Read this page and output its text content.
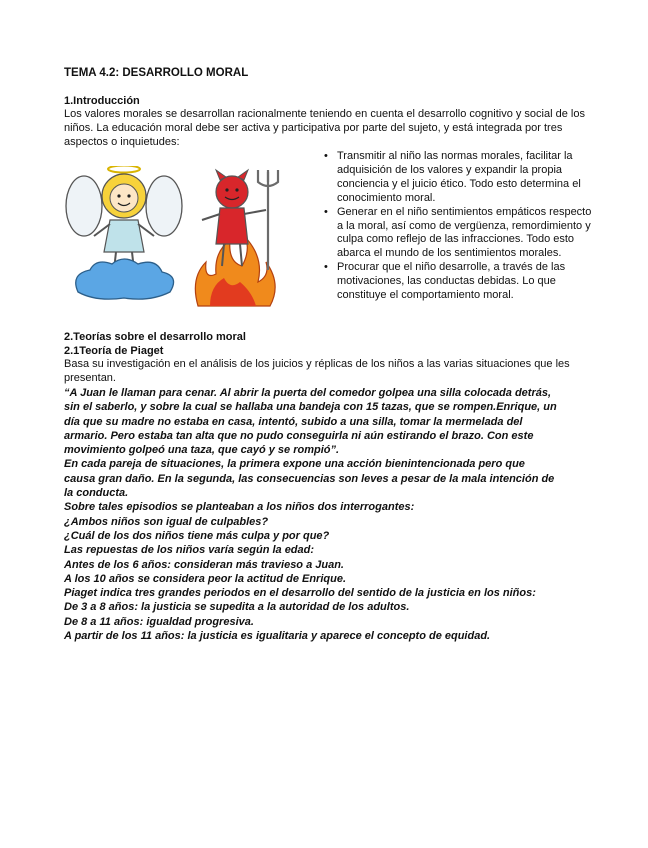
TEMA 4.2: DESARROLLO MORAL
1.Introducción
Los valores morales se desarrollan racionalmente teniendo en cuenta el desarrollo cognitivo y social de los niños. La educación moral debe ser activa y participativa por parte del sujeto, y está integrada por tres aspectos o inquietudes:
• Transmitir al niño las normas morales, facilitar la adquisición de los valores y expandir la propia conciencia y el juicio ético. Todo esto determina el conocimiento moral.
• Generar en el niño sentimientos empáticos respecto a la moral, así como de vergüenza, remordimiento y culpa como reflejo de las infracciones. Todo esto abarca el mundo de los sentimientos morales.
• Procurar que el niño desarrolle, a través de las motivaciones, las conductas debidas. Lo que constituye el comportamiento moral.
2.Teorías sobre el desarrollo moral
2.1Teoría de Piaget
Basa su investigación en el análisis de los juicios y réplicas de los niños a las varias situaciones que les presentan.
“A Juan le llaman para cenar. Al abrir la puerta del comedor golpea una silla colocada detrás,
sin el saberlo, y sobre la cual se hallaba una bandeja con 15 tazas, que se rompen.Enrique, un
día que su madre no estaba en casa, intentó, subido a una silla, tomar la mermelada del
armario. Pero estaba tan alta que no pudo conseguirla ni aún estirando el brazo. Con este
movimiento golpeó una taza, que cayó y se rompió”.
En cada pareja de situaciones, la primera expone una acción bienintencionada pero que
causa gran daño. En la segunda, las consecuencias son leves a pesar de la mala intención de
la conducta.
Sobre tales episodios se planteaban a los niños dos interrogantes:
¿Ambos niños son igual de culpables?
¿Cuál de los dos niños tiene más culpa y por que?
Las repuestas de los niños varía según la edad:
Antes de los 6 años: consideran más travieso a Juan.
A los 10 años se considera peor la actitud de Enrique.
Piaget indica tres grandes periodos en el desarrollo del sentido de la justicia en los niños:
De 3 a 8 años: la justicia se supedita a la autoridad de los adultos.
De 8 a 11 años: igualdad progresiva.
A partir de los 11 años: la justicia es igualitaria y aparece el concepto de equidad.
